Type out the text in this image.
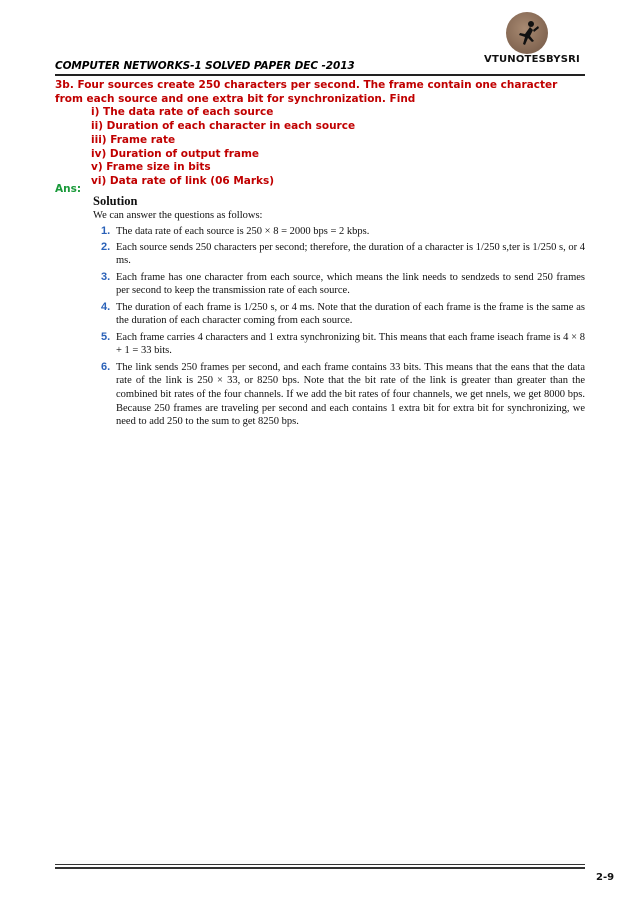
VTUNOTESBYSRI
COMPUTER NETWORKS-1 SOLVED PAPER DEC -2013

3b. Four sources create 250 characters per second. The frame contain one character from each source and one extra bit for synchronization. Find

i) The data rate of each source
ii) Duration of each character in each source
iii) Frame rate
iv) Duration of output frame
v) Frame size in bits
vi) Data rate of link (06 Marks)
Ans:

Solution

We can answer the questions as follows:

1. The data rate of each source is 250 × 8 = 2000 bps = 2 kbps.
2. Each source sends 250 characters per second; therefore, the duration of a character is 1/250 s,ter is 1/250 s, or 4 ms.
3. Each frame has one character from each source, which means the link needs to sendzeds to send 250 frames per second to keep the transmission rate of each source.
4. The duration of each frame is 1/250 s, or 4 ms. Note that the duration of each frame is the frame is the same as the duration of each character coming from each source.
5. Each frame carries 4 characters and 1 extra synchronizing bit. This means that each frame iseach frame is 4 × 8 + 1 = 33 bits.
6. The link sends 250 frames per second, and each frame contains 33 bits. This means that the eans that the data rate of the link is 250 × 33, or 8250 bps. Note that the bit rate of the link is greater than greater than the combined bit rates of the four channels. If we add the bit rates of four channels, we get nnels, we get 8000 bps. Because 250 frames are traveling per second and each contains 1 extra bit for extra bit for synchronizing, we need to add 250 to the sum to get 8250 bps.
2-9
